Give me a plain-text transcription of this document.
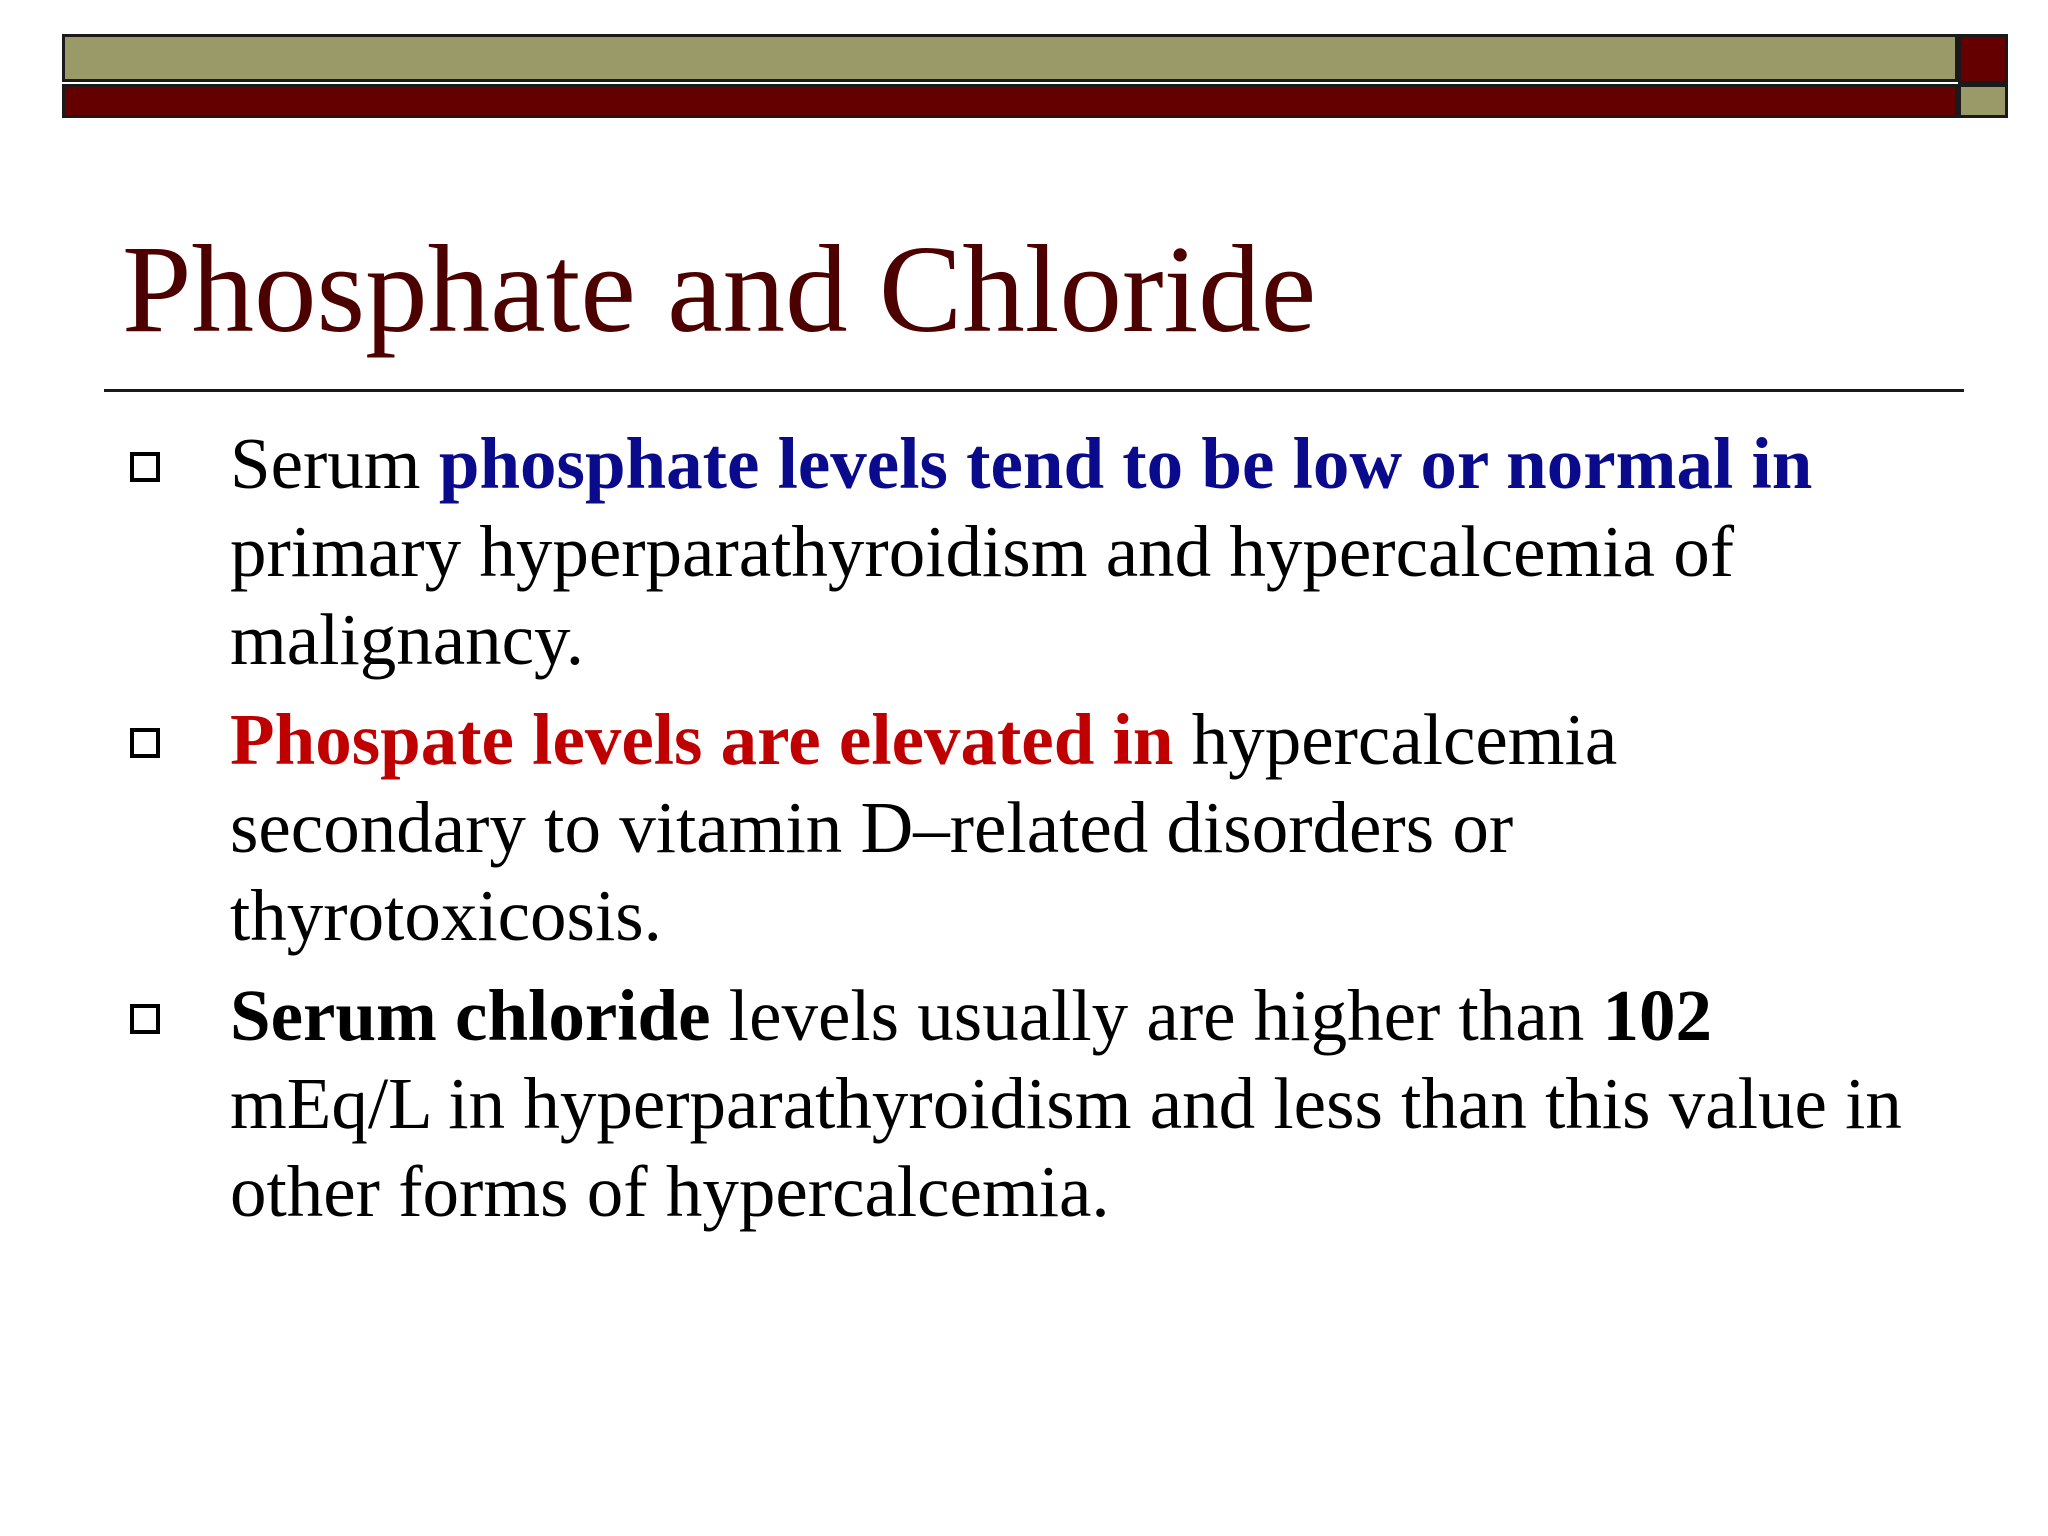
Phosphate and Chloride
Serum phosphate levels tend to be low or normal in primary hyperparathyroidism and hypercalcemia of malignancy.
Phospate levels are elevated in hypercalcemia secondary to vitamin D–related disorders or thyrotoxicosis.
Serum chloride levels usually are higher than 102 mEq/L in hyperparathyroidism and less than this value in other forms of hypercalcemia.
